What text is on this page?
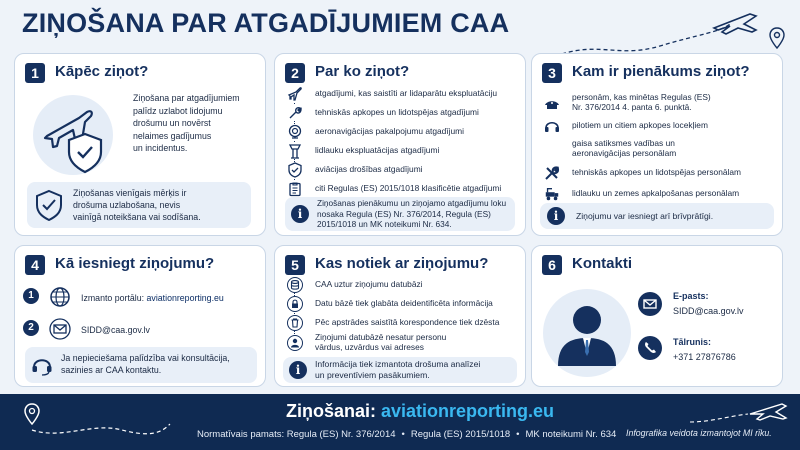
ZIŅOŠANA PAR ATGADĪJUMIEM CAA
1	Kāpēc ziņot?
Ziņošana par atgadījumiem
palīdz uzlabot lidojumu
drošumu un novērst
nelaimes gadījumus
un incidentus.
Ziņošanas vienīgais mērķis ir
drošuma uzlabošana, nevis
vainīgā noteikšana vai sodīšana.
2	Par ko ziņot?
atgadījumi, kas saistīti ar lidaparātu ekspluatāciju
tehniskās apkopes un lidotspējas atgadījumi
aeronavigācijas pakalpojumu atgadījumi
lidlauku ekspluatācijas atgadījumi
aviācijas drošības atgadījumi
citi Regulas (ES) 2015/1018 klasificētie atgadījumi
i
Ziņošanas pienākumu un ziņojamo atgadījumu loku
nosaka Regula (ES) Nr. 376/2014, Regula (ES)
2015/1018 un MK noteikumi Nr. 634.
3	Kam ir pienākums ziņot?
personām, kas minētas Regulas (ES)
Nr. 376/2014 4. panta 6. punktā.
pilotiem un citiem apkopes locekļiem
gaisa satiksmes vadības un
aeronavigācijas personālam
tehniskās apkopes un lidotspējas personālam
lidlauku un zemes apkalpošanas personālam
i	Ziņojumu var iesniegt arī brīvprātīgi.
4	Kā iesniegt ziņojumu?
1	Izmanto portālu: aviationreporting.eu
2	SIDD@caa.gov.lv
Ja nepieciešama palīdzība vai konsultācija,
sazinies ar CAA kontaktu.
5	Kas notiek ar ziņojumu?
CAA uztur ziņojumu datubāzi
Datu bāzē tiek glabāta deidentificēta informācija
Pēc apstrādes saistītā korespondence tiek dzēsta
Ziņojumi datubāzē nesatur personu
vārdus, uzvārdus vai adreses
i	Informācija tiek izmantota drošuma analīzei
un preventīviem pasākumiem.
6	Kontakti
E-pasts:
SIDD@caa.gov.lv
Tālrunis:
+371 27876786
Ziņošanai: aviationreporting.eu
Normatīvais pamats: Regula (ES) Nr. 376/2014 • Regula (ES) 2015/1018 • MK noteikumi Nr. 634 Infografika veidota izmantojot MI rīku.
